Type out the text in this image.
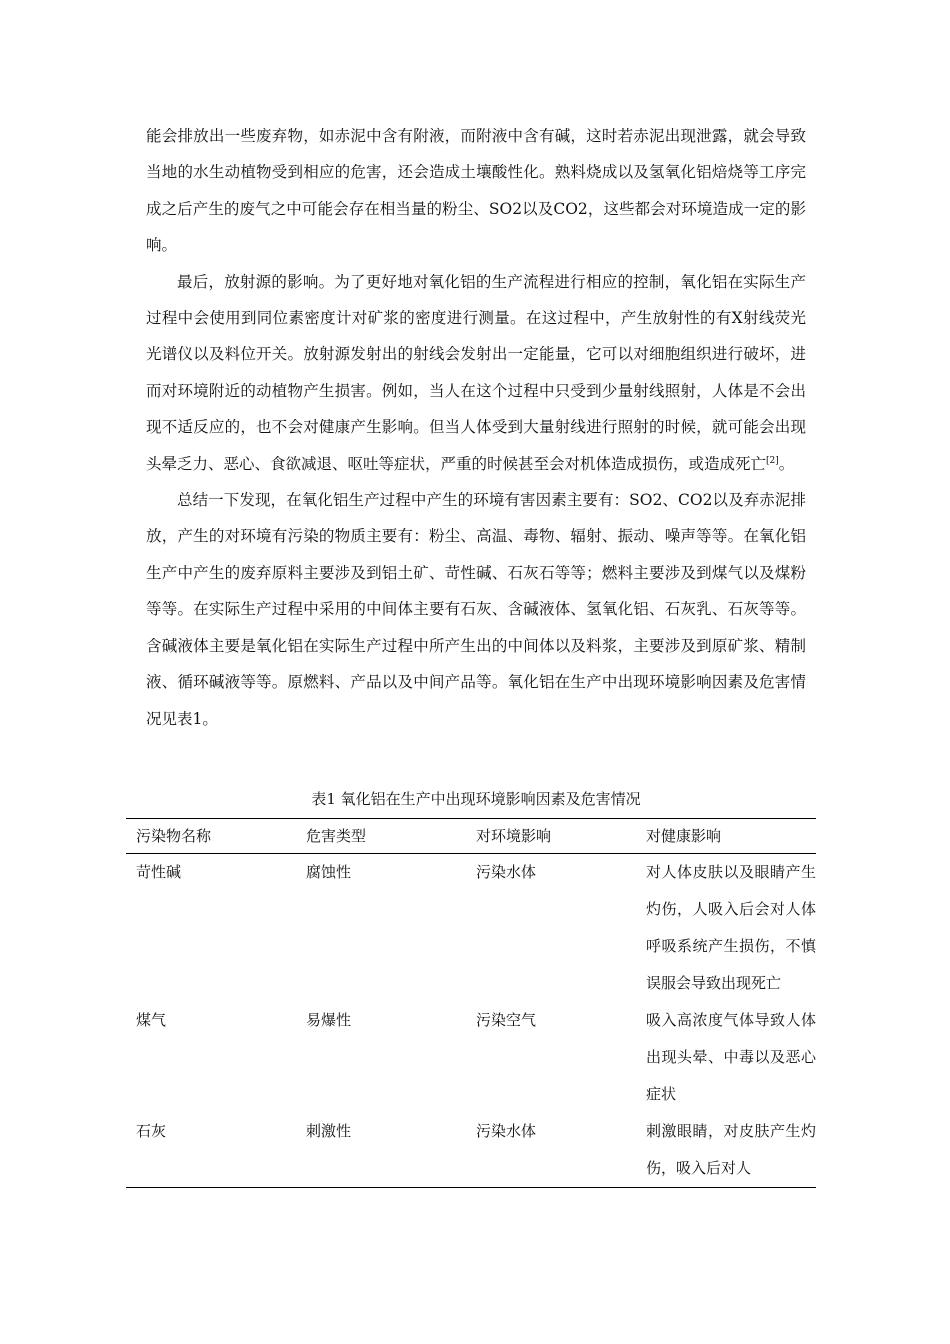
能会排放出一些废弃物，如赤泥中含有附液，而附液中含有碱，这时若赤泥出现泄露，就会导致当地的水生动植物受到相应的危害，还会造成土壤酸性化。熟料烧成以及氢氧化铝焙烧等工序完成之后产生的废气之中可能会存在相当量的粉尘、SO2以及CO2，这些都会对环境造成一定的影响。

最后，放射源的影响。为了更好地对氧化铝的生产流程进行相应的控制，氧化铝在实际生产过程中会使用到同位素密度计对矿浆的密度进行测量。在这过程中，产生放射性的有X射线荧光光谱仪以及料位开关。放射源发射出的射线会发射出一定能量，它可以对细胞组织进行破坏，进而对环境附近的动植物产生损害。例如，当人在这个过程中只受到少量射线照射，人体是不会出现不适反应的，也不会对健康产生影响。但当人体受到大量射线进行照射的时候，就可能会出现头晕乏力、恶心、食欲减退、呕吐等症状，严重的时候甚至会对机体造成损伤，或造成死亡[2]。

总结一下发现，在氧化铝生产过程中产生的环境有害因素主要有：SO2、CO2以及弃赤泥排放，产生的对环境有污染的物质主要有：粉尘、高温、毒物、辐射、振动、噪声等等。在氧化铝生产中产生的废弃原料主要涉及到铝土矿、苛性碱、石灰石等等；燃料主要涉及到煤气以及煤粉等等。在实际生产过程中采用的中间体主要有石灰、含碱液体、氢氧化铝、石灰乳、石灰等等。含碱液体主要是氧化铝在实际生产过程中所产生出的中间体以及料浆，主要涉及到原矿浆、精制液、循环碱液等等。原燃料、产品以及中间产品等。氧化铝在生产中出现环境影响因素及危害情况见表1。

表1 氧化铝在生产中出现环境影响因素及危害情况
污染物名称	危害类型	对环境影响	对健康影响
苛性碱	腐蚀性	污染水体	对人体皮肤以及眼睛产生灼伤，人吸入后会对人体呼吸系统产生损伤，不慎误服会导致出现死亡
煤气	易爆性	污染空气	吸入高浓度气体导致人体出现头晕、中毒以及恶心症状
石灰	刺激性	污染水体	刺激眼睛，对皮肤产生灼伤，吸入后对人
